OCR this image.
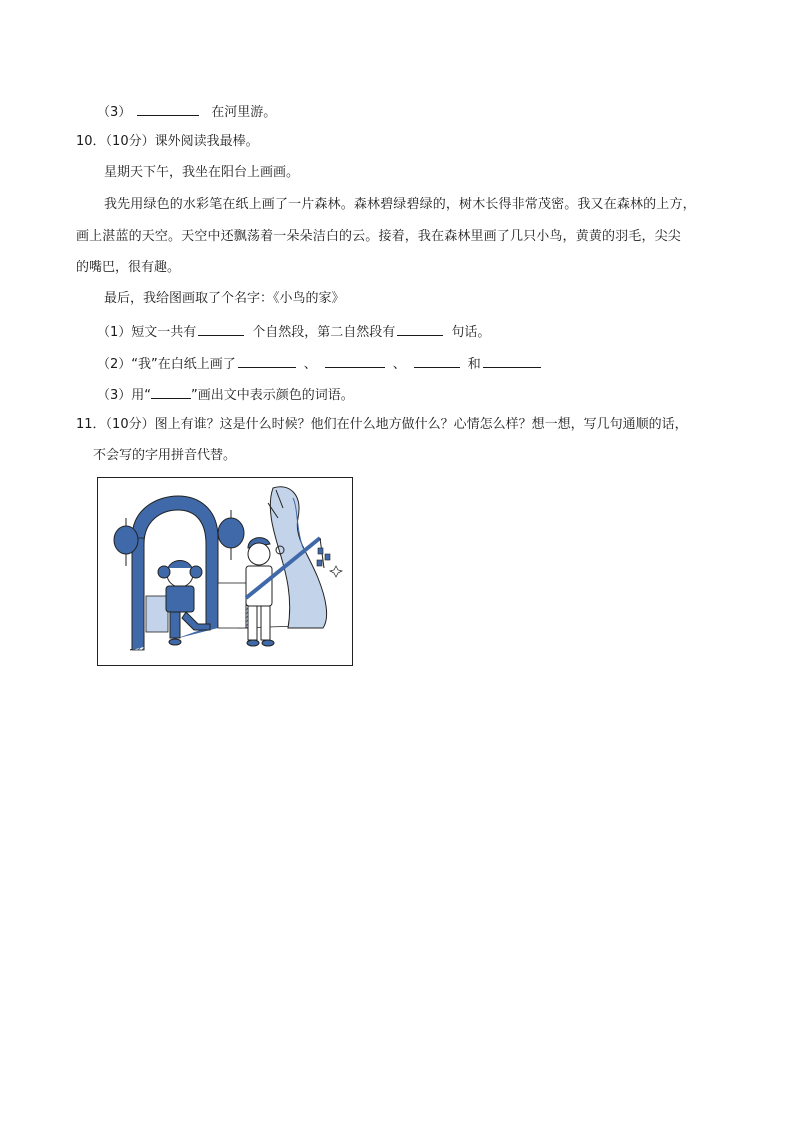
（3）	在河里游。
10．（10分）课外阅读我最棒。
星期天下午，我坐在阳台上画画。
我先用绿色的水彩笔在纸上画了一片森林。森林碧绿碧绿的，树木长得非常茂密。我又在森林的上方，
画上湛蓝的天空。天空中还飘荡着一朵朵洁白的云。接着，我在森林里画了几只小鸟，黄黄的羽毛，尖尖
的嘴巴，很有趣。
最后，我给图画取了个名字：《小鸟的家》
（1）短文一共有	个自然段，第二自然段有	句话。
（2）“我”在白纸上画了	、	、	和
（3）用“	”画出文中表示颜色的词语。
11．（10分）图上有谁？这是什么时候？他们在什么地方做什么？心情怎么样？想一想，写几句通顺的话，
不会写的字用拼音代替。
